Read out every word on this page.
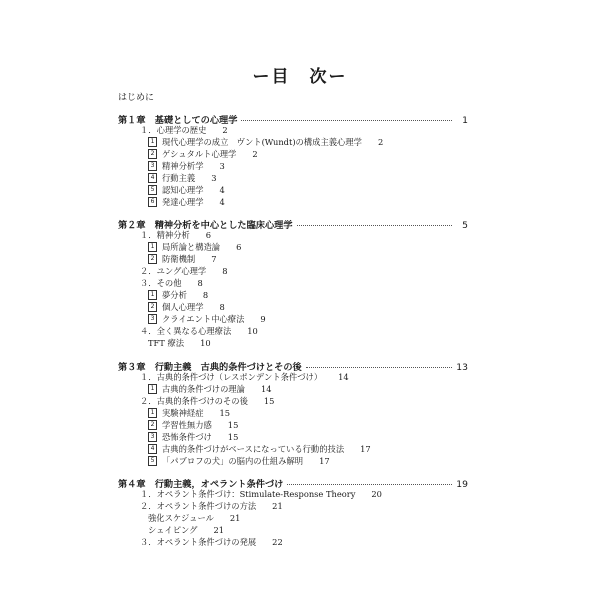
ー目　次ー
はじめに
第１章　基礎としての心理学	1
１．心理学の歴史 2
1 現代心理学の成立　ヴント(Wundt)の構成主義心理学 2
2 ゲシュタルト心理学 2
3 精神分析学 3
4 行動主義 3
5 認知心理学 4
6 発達心理学 4
第２章　精神分析を中心とした臨床心理学	5
１．精神分析 6
1 局所論と構造論 6
2 防衛機制 7
２．ユング心理学 8
３．その他 8
1 夢分析 8
2 個人心理学 8
3 クライエント中心療法 9
４．全く異なる心理療法 10
TFT 療法 10
第３章　行動主義　古典的条件づけとその後	13
１．古典的条件づけ（レスポンデント条件づけ） 14
1 古典的条件づけの理論 14
２．古典的条件づけのその後 15
1 実験神経症 15
2 学習性無力感 15
3 恐怖条件づけ 15
4 古典的条件づけがベースになっている行動的技法 17
5 「パブロフの犬」の脳内の仕組み解明 17
第４章　行動主義，オペラント条件づけ	19
１．オペラント条件づけ：Stimulate-Response Theory 20
２．オペラント条件づけの方法 21
強化スケジュール 21
シェイピング 21
３．オペラント条件づけの発展 22
